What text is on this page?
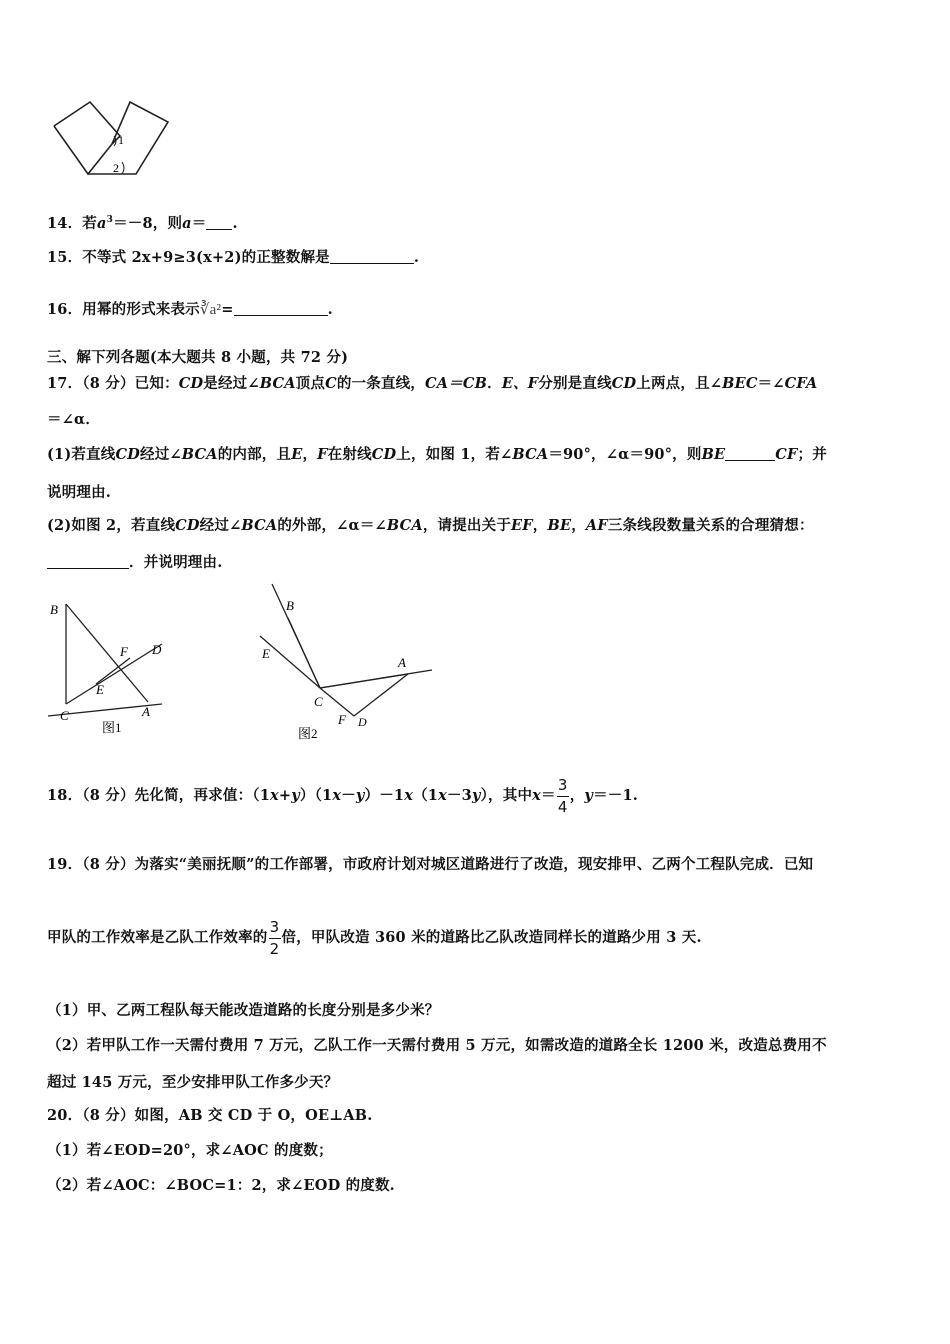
1
2
14．若$a^3=-8$，则a＝ .
15．不等式 2x+9≥3(x+2)的正整数解是	.
16．用幂的形式来表示∛a²=	.
三、解下列各题(本大题共 8 小题，共 72 分)
17．（8 分）已知：CD是经过∠BCA顶点C的一条直线，CA＝CB．E、F分别是直线CD上两点，且∠BEC＝∠CFA
＝∠α．
(1)若直线CD经过∠BCA的内部，且E，F在射线CD上，如图 1，若∠BCA＝90°，∠α＝90°，则BE	CF；并
说明理由.
(2)如图 2，若直线CD经过∠BCA的外部，∠α＝∠BCA，请提出关于EF，BE，AF三条线段数量关系的合理猜想：
．并说明理由.
B
F D
E
C	A
图1
B
E
A
C
F D
图2
18．（8 分）先化简，再求值：（1x+y）（1x－y）－1x（1x－3y），其中$x= \frac{3}{4}$ ，y＝－1.
19．（8 分）为落实“美丽抚顺”的工作部署，市政府计划对城区道路进行了改造，现安排甲、乙两个工程队完成．已知
甲队的工作效率是乙队工作效率的 $\frac{3}{2}$ 倍，甲队改造 360 米的道路比乙队改造同样长的道路少用 3 天.
（1）甲、乙两工程队每天能改造道路的长度分别是多少米？
（2）若甲队工作一天需付费用 7 万元，乙队工作一天需付费用 5 万元，如需改造的道路全长 1200 米，改造总费用不
超过 145 万元，至少安排甲队工作多少天？
20．（8 分）如图，AB 交 CD 于 O，OE⊥AB.
（1）若∠EOD=20°，求∠AOC 的度数；
（2）若∠AOC：∠BOC=1：2，求∠EOD 的度数.
